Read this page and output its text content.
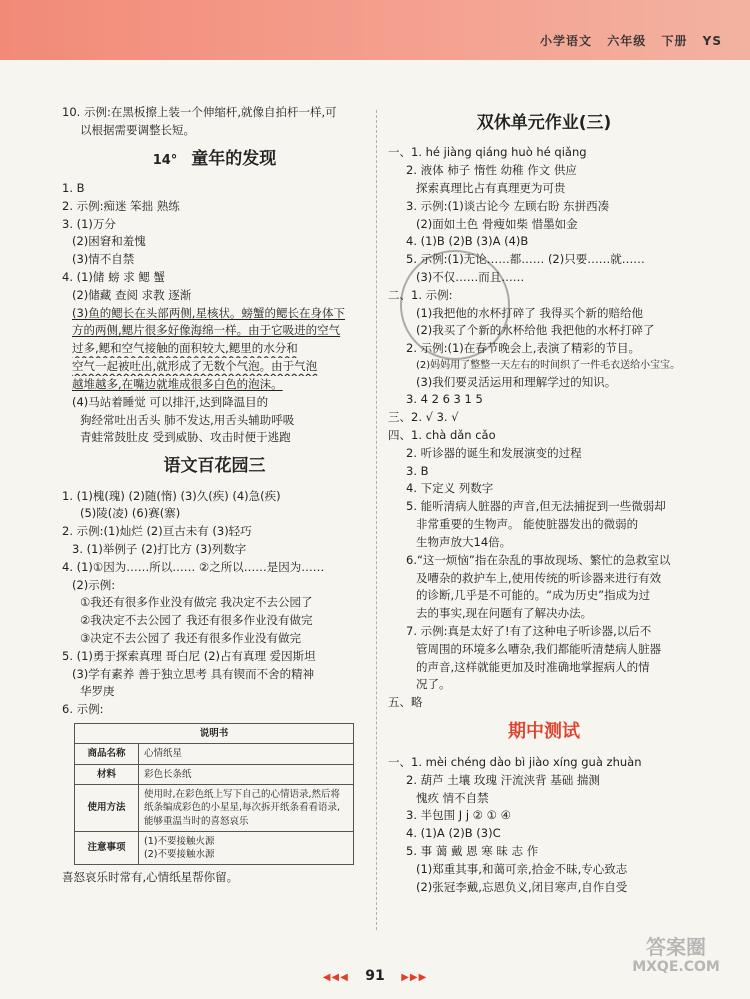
小学语文 六年级 下册 YS
10. 示例:在黑板擦上装一个伸缩杆,就像自拍杆一样,可
以根据需要调整长短。
14° 童年的发现
1. B
2. 示例:痴迷 笨拙 熟练
3. (1)万分
(2)困窘和羞愧
(3)情不自禁
4. (1)储 螃 求 鳃 蟹
(2)储藏 查阅 求教 逐渐
(3)鱼的鳃长在头部两侧,星核状。螃蟹的鳃长在身体下
方的两侧,鳃片很多好像海绵一样。由于它吸进的空气
过多,鳃和空气接触的面积较大,鳃里的水分和
空气一起被吐出,就形成了无数个气泡。由于气泡
越堆越多,在嘴边就堆成很多白色的泡沫。
(4)马站着睡觉 可以排汗,达到降温目的
狗经常吐出舌头 肺不发达,用舌头辅助呼吸
青蛙常鼓肚皮 受到威胁、攻击时便于逃跑
语文百花园三
1. (1)槐(瑰) (2)随(惰) (3)久(疾) (4)急(疾)
(5)陵(凌) (6)赛(寨)
2. 示例:(1)灿烂 (2)亘古未有 (3)轻巧
3. (1)举例子 (2)打比方 (3)列数字
4. (1)①因为……所以…… ②之所以……是因为……
(2)示例:
①我还有很多作业没有做完 我决定不去公园了
②我决定不去公园了 我还有很多作业没有做完
③决定不去公园了 我还有很多作业没有做完
5. (1)勇于探索真理 哥白尼 (2)占有真理 爱因斯坦
(3)学有素养 善于独立思考 具有锲而不舍的精神
华罗庚
6. 示例:
说明书	
商品名称	心情纸星
材料	彩色长条纸
使用方法	使用时,在彩色纸上写下自己的心情语录,然后将纸条编成彩色的小星星,每次拆开纸条看看语录,能够重温当时的喜怒哀乐
注意事项	(1)不要接触火源
(2)不要接触水源
喜怒哀乐时常有,心情纸星帮你留。
双休单元作业(三)
一、1. hé jiàng qiáng huò hé qiǎng
2. 液体 柿子 惰性 幼稚 作文 供应
探索真理比占有真理更为可贵
3. 示例:(1)谈古论今 左顾右盼 东拼西凑
(2)面如土色 骨瘦如柴 惜墨如金
4. (1)B (2)B (3)A (4)B
5. 示例:(1)无论……都…… (2)只要……就……
(3)不仅……而且……
二、1. 示例:
(1)我把他的水杯打碎了 我得买个新的赔给他
(2)我买了个新的水杯给他 我把他的水杯打碎了
2. 示例:(1)在春节晚会上,表演了精彩的节目。
(2)妈妈用了整整一天左右的时间织了一件毛衣送给小宝宝。
(3)我们要灵活运用和理解学过的知识。
3. 4 2 6 3 1 5
三、2. √ 3. √
四、1. chà dǎn cǎo
2. 听诊器的诞生和发展演变的过程
3. B
4. 下定义 列数字
5. 能听清病人脏器的声音,但无法捕捉到一些微弱却
非常重要的生物声。 能使脏器发出的微弱的
生物声放大14倍。
6.“这一烦恼”指在杂乱的事故现场、繁忙的急救室以
及嘈杂的救护车上,使用传统的听诊器来进行有效
的诊断,几乎是不可能的。“成为历史”指成为过
去的事实,现在问题有了解决办法。
7. 示例:真是太好了!有了这种电子听诊器,以后不
管周围的环境多么嘈杂,我们都能听清楚病人脏器
的声音,这样就能更加及时准确地掌握病人的情
况了。
五、略
期中测试
一、1. mèi chéng dào bì jiào xíng guà zhuàn
2. 葫芦 土壤 玫瑰 汗流浃背 基础 揣测
愧疚 情不自禁
3. 半包围 J j ② ① ④
4. (1)A (2)B (3)C
5. 事 蔼 戴 恩 寒 昧 志 作
(1)郑重其事,和蔼可亲,拾金不昧,专心致志
(2)张冠李戴,忘恩负义,闭目寒声,自作自受
◀◀◀ 91 ▶▶▶
答案圈
MXQE.COM
